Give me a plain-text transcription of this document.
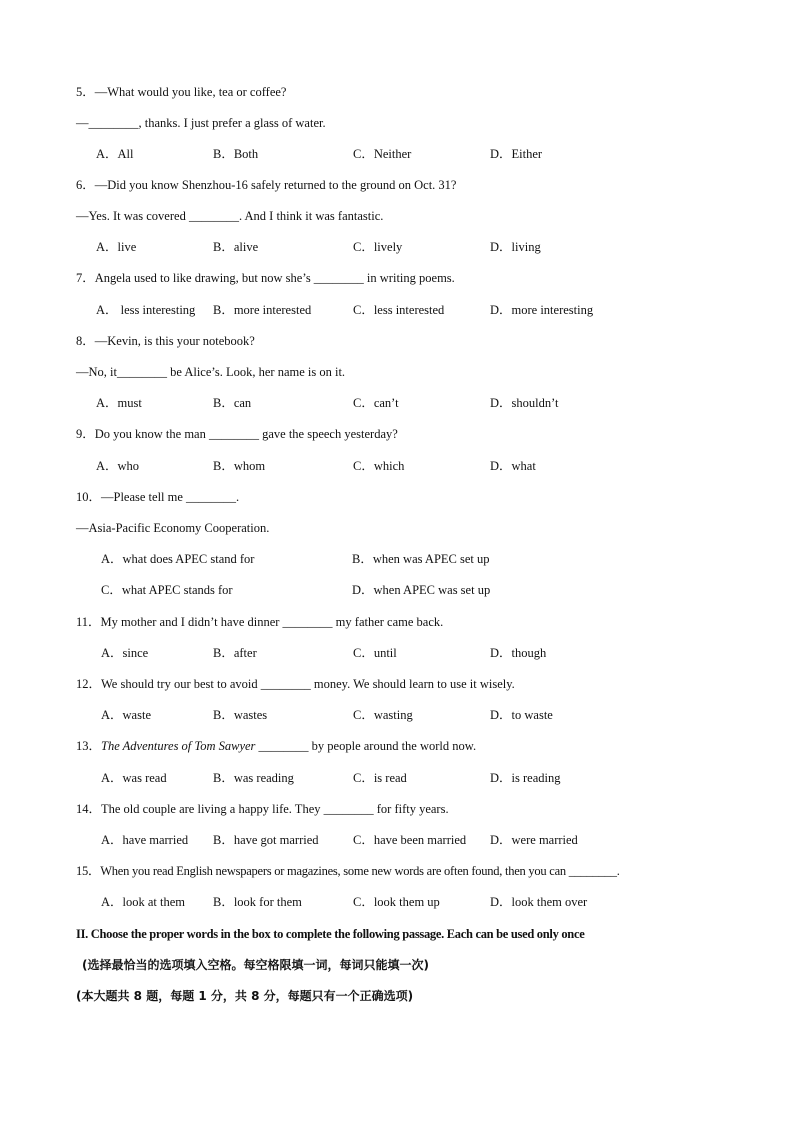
5．—What would you like, tea or coffee?
—________, thanks. I just prefer a glass of water.
A．All	B．Both	C．Neither	D．Either
6．—Did you know Shenzhou-16 safely returned to the ground on Oct. 31?
—Yes. It was covered ________. And I think it was fantastic.
A．live	B．alive	C．lively	D．living
7．Angela used to like drawing, but now she’s ________ in writing poems.
A． less interesting B．more interested	C．less interested	D．more interesting
8．—Kevin, is this your notebook?
—No, it________ be Alice’s. Look, her name is on it.
A．must	B．can	C．can’t	D．shouldn’t
9．Do you know the man ________ gave the speech yesterday?
A．who	B．whom	C．which	D．what
10．—Please tell me ________.
—Asia-Pacific Economy Cooperation.
A．what does APEC stand for	B．when was APEC set up
C．what APEC stands for	D．when APEC was set up
11．My mother and I didn’t have dinner ________ my father came back.
A．since	B．after	C．until	D．though
12．We should try our best to avoid ________ money. We should learn to use it wisely.
A．waste	B．wastes	C．wasting	D．to waste
13．The Adventures of Tom Sawyer ________ by people around the world now.
A．was read	B．was reading	C．is read	D．is reading
14．The old couple are living a happy life. They ________ for fifty years.
A．have married B．have got married	C．have been married D．were married
15．When you read English newspapers or magazines, some new words are often found, then you can ________.
A．look at them B．look for them	C．look them up	D．look them over
II. Choose the proper words in the box to complete the following passage. Each can be used only once
(选择最恰当的选项填入空格。每空格限填一词，每词只能填一次)
(本大题共 8 题，每题 1 分，共 8 分，每题只有一个正确选项)
